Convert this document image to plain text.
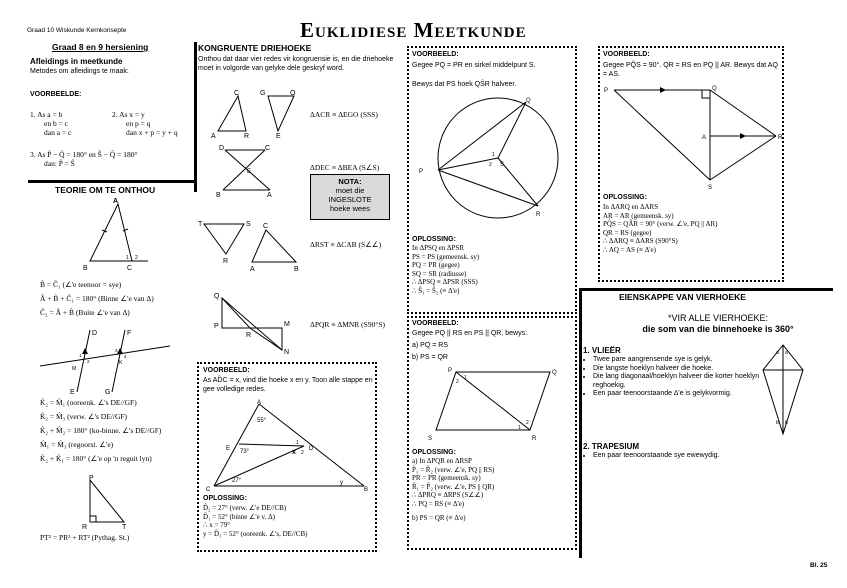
Graad 10 Wiskunde Kernkonsepte	Euklidiese Meetkunde
Graad 8 en 9 hersiening
Afleidings in meetkunde
Metodes om afleidings te maak:
VOORBEELDE:
1. As a = b
en b = c
dan a = c
2. As x = y
en p = q
dan x + p = y + q
3. As P̂ − Q̂ = 180° en Ŝ − Q̂ = 180°
dan: P̂ = Ŝ
TEORIE OM TE ONTHOU
A
B	C
1 2
B̂ = Ĉ₁ (∠'e teenoor = sye)
Â + B̂ + Ĉ₁ = 180° (Binne ∠'e van Δ)
Ĉ₂ = Â + B̂ (Buite ∠'e van Δ)
D	F
M
K
E	G
1
2
3
4
K̂₂ = M̂₁ (ooreenk. ∠'s DE//GF)
K̂₂ = M̂₃ (verw. ∠'s DE//GF)
K̂₂ + M̂₂ = 180° (ko-binne. ∠'s DE//GF)
M̂₁ = M̂₃ (regoorst. ∠'e)
K̂₂ + K̂₁ = 180° (∠'e op 'n reguit lyn)
P
R	T
PT² = PR² + RT² (Pythag. St.)
KONGRUENTE DRIEHOEKE
Onthou dat daar vier redes vir kongruensie is, en die driehoeke moet in volgorde van gelyke dele geskryf word.
C	G	O
A	R	E
ΔACR ≡ ΔEGO (SSS)
D	C
E
B	A
ΔDEC ≡ ΔBEA (S∠S)
NOTA:
moet die
INGESLOTE
hoeke wees
T	S
R
C
A	B
ΔRST ≡ ΔCAB (S∠∠)
Q
P
R
M
N
ΔPQR ≡ ΔMNR (S90°S)
VOORBEELD:
As AD̂C = x, vind die hoeke x en y. Toon alle stappe en gee volledige redes.
A
55°
E 73°	D
x
1
2
27°
C
y
B
OPLOSSING:
D̂₂ = 27° (verw. ∠'e DE//CB)
D̂₁ = 52° (binne ∠'e v. Δ)
∴ x = 79°
y = D̂₁ = 52° (ooreenk. ∠'s, DE//CB)
VOORBEELD:
Gegee PQ = PR en sirkel middelpunt S.
Bewys dat PS hoek QŜR halveer.
Q
P
S
R
1
2
OPLOSSING:
In ΔPSQ en ΔPSR
PS = PS (gemeensk. sy)
PQ = PR (gegee)
SQ = SR (radiusse)
∴ ΔPSQ ≡ ΔPSR (SSS)
∴ Ŝ₁ = Ŝ₂ (≡ Δ'e)
VOORBEELD:
Gegee PQ || RS en PS || QR, bewys:
a) PQ = RS
b) PS = QR
P	Q
R
S
1
2
1
2
OPLOSSING:
a) In ΔPQR en ΔRSP
P̂₁ = R̂₂ (verw. ∠'e, PQ || RS)
PR = PR (gemeensk. sy)
R̂₁ = P̂₂ (verw. ∠'e, PS || QR)
∴ ΔPRQ ≡ ΔRPS (S∠∠)
∴ PQ = RS (≡ Δ'e)
b) PS = QR (≡ Δ'e)
VOORBEELD:
Gegee PQ̂S = 90°. QR = RS en PQ || AR. Bewys dat AQ = AS.
P	Q
A	R
S
OPLOSSING:
In ΔARQ en ΔARS
AR = AR (gemeensk. sy)
PQ̂S = QÂR = 90° (verw. ∠'e, PQ || AR)
QR = RS (gegee)
∴ ΔARQ ≡ ΔARS (S90°S)
∴ AQ = AS (≡ Δ'e)
EIENSKAPPE VAN VIERHOEKE
*VIR ALLE VIERHOEKE:
die som van die binnehoeke is 360°
1. VLIEËR
• Twee pare aangrensende sye is gelyk.
• Die langste hoeklyn halveer die hoeke.
• Die lang diagonaal/hoeklyn halveer die korter hoeklyn reghoekig.
• Een paar teenoorstaande ∆'e is gelykvormig.
a a
b b
2. TRAPESIUM
• Een paar teenoorstaande sye ewewydig.
Bl. 25
